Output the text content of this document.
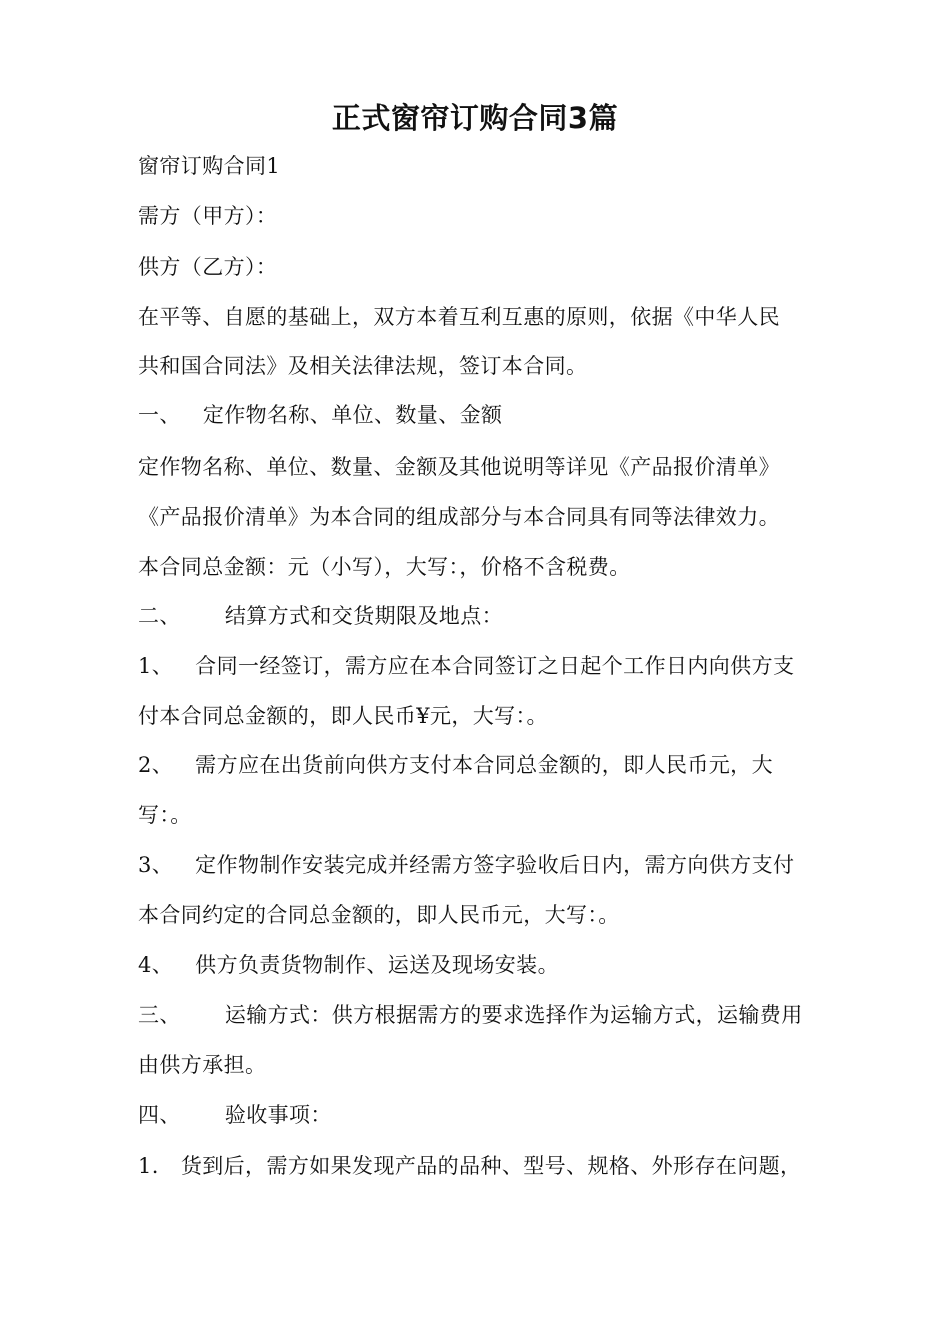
正式窗帘订购合同3篇
窗帘订购合同1
需方（甲方）：
供方（乙方）：
在平等、自愿的基础上，双方本着互利互惠的原则，依据《中华人民
共和国合同法》及相关法律法规，签订本合同。
一、 定作物名称、单位、数量、金额
定作物名称、单位、数量、金额及其他说明等详见《产品报价清单》
《产品报价清单》为本合同的组成部分与本合同具有同等法律效力。
本合同总金额：元（小写），大写：，价格不含税费。
二、 结算方式和交货期限及地点：
1、 合同一经签订，需方应在本合同签订之日起个工作日内向供方支
付本合同总金额的，即人民币¥元，大写：。
2、 需方应在出货前向供方支付本合同总金额的，即人民币元，大
写：。
3、 定作物制作安装完成并经需方签字验收后日内，需方向供方支付
本合同约定的合同总金额的，即人民币元，大写：。
4、 供方负责货物制作、运送及现场安装。
三、 运输方式：供方根据需方的要求选择作为运输方式，运输费用
由供方承担。
四、 验收事项：
1. 货到后，需方如果发现产品的品种、型号、规格、外形存在问题，
